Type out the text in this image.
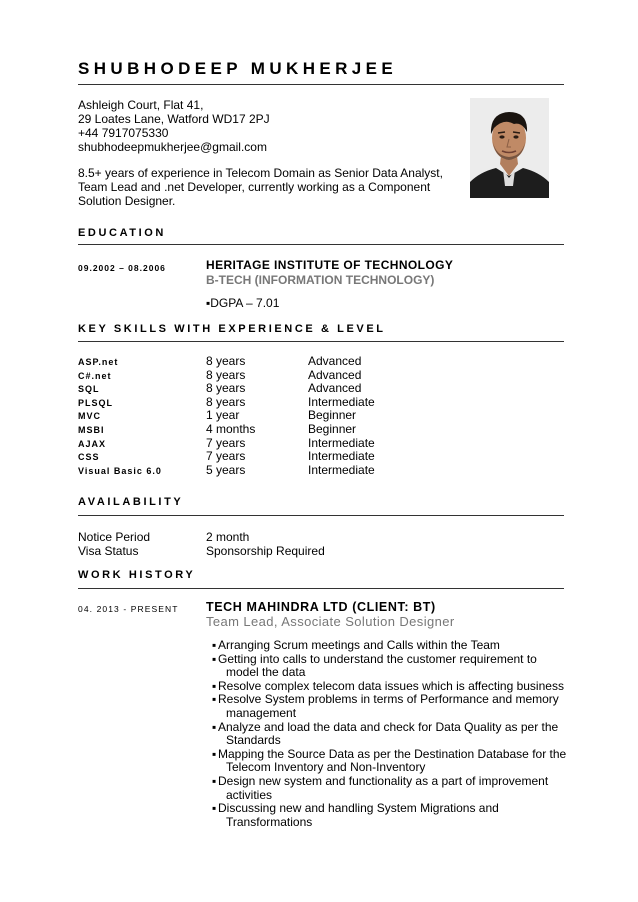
SHUBHODEEP MUKHERJEE
Ashleigh Court, Flat 41,
29 Loates Lane, Watford WD17 2PJ
+44 7917075330
shubhodeepmukherjee@gmail.com
8.5+ years of experience in Telecom Domain as Senior Data Analyst, Team Lead and .net Developer, currently working as a Component Solution Designer.
EDUCATION
09.2002 – 08.2006	HERITAGE INSTITUTE OF TECHNOLOGY
B-TECH (INFORMATION TECHNOLOGY)
▪DGPA – 7.01
KEY SKILLS WITH EXPERIENCE & LEVEL
ASP.net	8 years	Advanced
C#.net	8 years	Advanced
SQL	8 years	Advanced
PLSQL	8 years	Intermediate
MVC	1 year	Beginner
MSBI	4 months	Beginner
AJAX	7 years	Intermediate
CSS	7 years	Intermediate
Visual Basic 6.0	5 years	Intermediate
AVAILABILITY
Notice Period	2 month
Visa Status	Sponsorship Required
WORK HISTORY
04. 2013 - PRESENT TECH MAHINDRA LTD (CLIENT: BT)
Team Lead, Associate Solution Designer
▪ Arranging Scrum meetings and Calls within the Team
▪ Getting into calls to understand the customer requirement to model the data
▪ Resolve complex telecom data issues which is affecting business
▪ Resolve System problems in terms of Performance and memory management
▪ Analyze and load the data and check for Data Quality as per the Standards
▪ Mapping the Source Data as per the Destination Database for the Telecom Inventory and Non-Inventory
▪ Design new system and functionality as a part of improvement activities
▪ Discussing new and handling System Migrations and Transformations
